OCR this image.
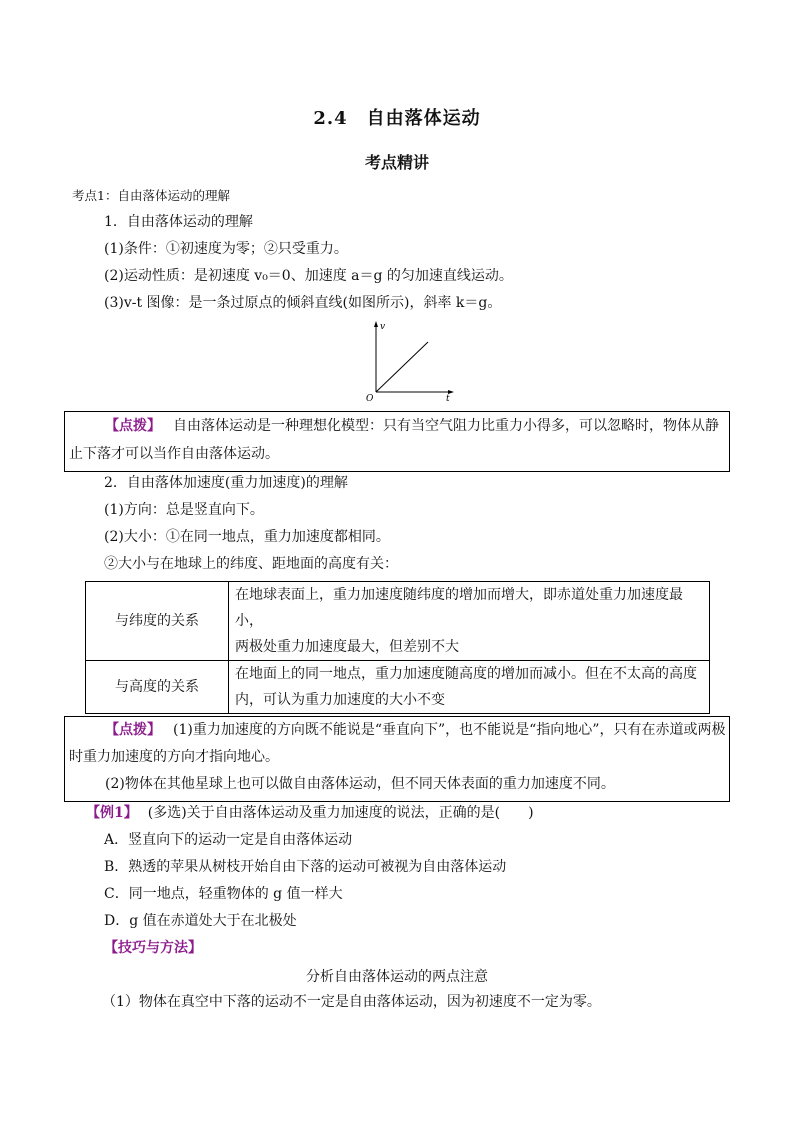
2.4　自由落体运动
考点精讲
考点1：自由落体运动的理解
1．自由落体运动的理解
(1)条件：①初速度为零；②只受重力。
(2)运动性质：是初速度 v₀＝0、加速度 a＝g 的匀加速直线运动。
(3)v-t 图像：是一条过原点的倾斜直线(如图所示)，斜率 k＝g。
v
t
O
【点拨】 自由落体运动是一种理想化模型：只有当空气阻力比重力小得多，可以忽略时，物体从静
止下落才可以当作自由落体运动。
2．自由落体加速度(重力加速度)的理解
(1)方向：总是竖直向下。
(2)大小：①在同一地点，重力加速度都相同。
②大小与在地球上的纬度、距地面的高度有关：
与纬度的关系	在地球表面上，重力加速度随纬度的增加而增大，即赤道处重力加速度最小，
两极处重力加速度最大，但差别不大

与高度的关系	在地面上的同一地点，重力加速度随高度的增加而减小。但在不太高的高度
内，可认为重力加速度的大小不变
【点拨】 (1)重力加速度的方向既不能说是“垂直向下”，也不能说是“指向地心”，只有在赤道或两极
时重力加速度的方向才指向地心。
(2)物体在其他星球上也可以做自由落体运动，但不同天体表面的重力加速度不同。
【例1】 (多选)关于自由落体运动及重力加速度的说法，正确的是(　　)
A．竖直向下的运动一定是自由落体运动
B．熟透的苹果从树枝开始自由下落的运动可被视为自由落体运动
C．同一地点，轻重物体的 g 值一样大
D．g 值在赤道处大于在北极处
【技巧与方法】
分析自由落体运动的两点注意
（1）物体在真空中下落的运动不一定是自由落体运动，因为初速度不一定为零。
